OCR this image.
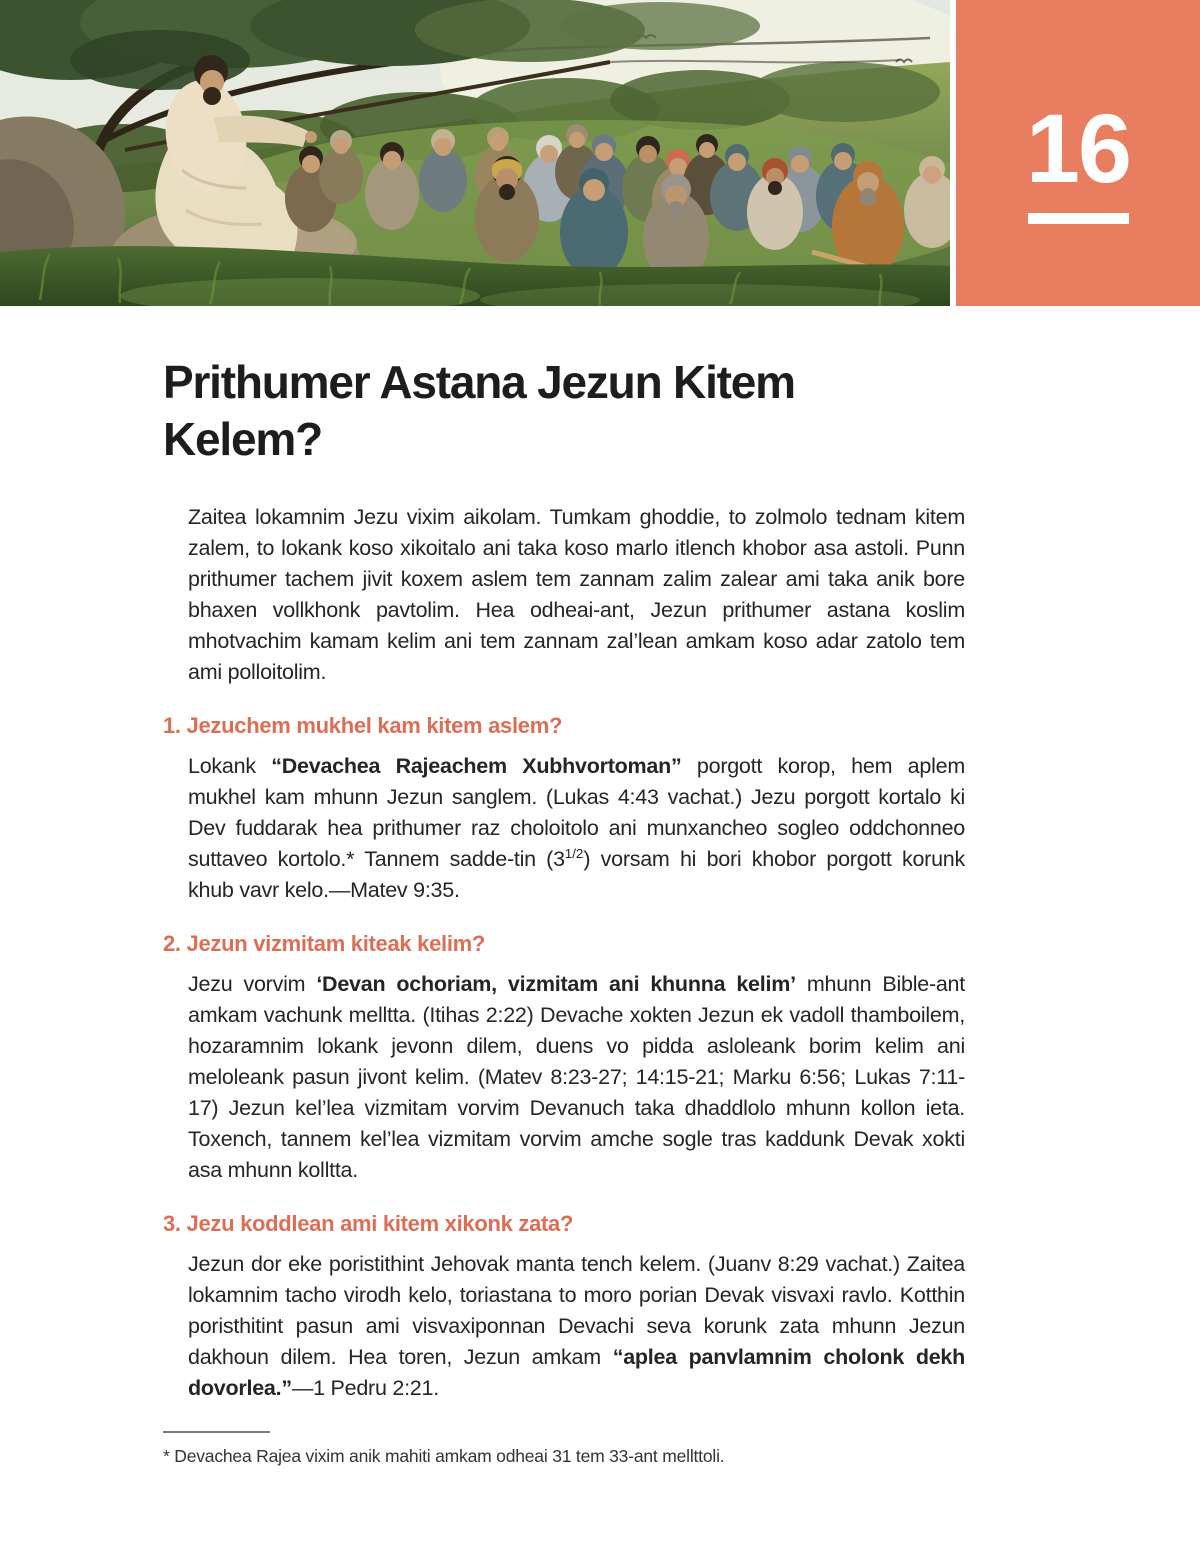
16
Prithumer Astana Jezun Kitem
Kelem?

Zaitea lokamnim Jezu vixim aikolam. Tumkam ghoddie, to zolmolo tednam kitem zalem, to lokank koso xikoitalo ani taka koso marlo itlench khobor asa astoli. Punn prithumer tachem jivit koxem aslem tem zannam zalim zalear ami taka anik bore bhaxen vollkhonk pavtolim. Hea odheai-ant, Jezun prithumer astana koslim mhotvachim kamam kelim ani tem zannam zal’lean amkam koso adar zatolo tem ami polloitolim.

1. Jezuchem mukhel kam kitem aslem?

Lokank “Devachea Rajeachem Xubhvortoman” porgott korop, hem aplem mukhel kam mhunn Jezun sanglem. (Lukas 4:43 vachat.) Jezu porgott kortalo ki Dev fuddarak hea prithumer raz choloitolo ani munxancheo sogleo oddchonneo suttaveo kortolo.* Tannem sadde-tin $(3^{1/2})$ vorsam hi bori khobor porgott korunk khub vavr kelo.—Matev 9:35.

2. Jezun vizmitam kiteak kelim?

Jezu vorvim ‘Devan ochoriam, vizmitam ani khunna kelim’ mhunn Bible-ant amkam vachunk melltta. (Itihas 2:22) Devache xokten Jezun ek vadoll thamboilem, hozaramnim lokank jevonn dilem, duens vo pidda asloleank borim kelim ani meloleank pasun jivont kelim. (Matev 8:23-27; 14:15-21; Marku 6:56; Lukas 7:11-17) Jezun kel’lea vizmitam vorvim Devanuch taka dhaddlolo mhunn kollon ieta. Toxench, tannem kel’lea vizmitam vorvim amche sogle tras kaddunk Devak xokti asa mhunn kolltta.

3. Jezu koddlean ami kitem xikonk zata?

Jezun dor eke poristithint Jehovak manta tench kelem. (Juanv 8:29 vachat.) Zaitea lokamnim tacho virodh kelo, toriastana to moro porian Devak visvaxi ravlo. Kotthin poristhitint pasun ami visvaxiponnan Devachi seva korunk zata mhunn Jezun dakhoun dilem. Hea toren, Jezun amkam “aplea panvlamnim cholonk dekh dovorlea.”—1 Pedru 2:21.

* Devachea Rajea vixim anik mahiti amkam odheai 31 tem 33-ant mellttoli.
